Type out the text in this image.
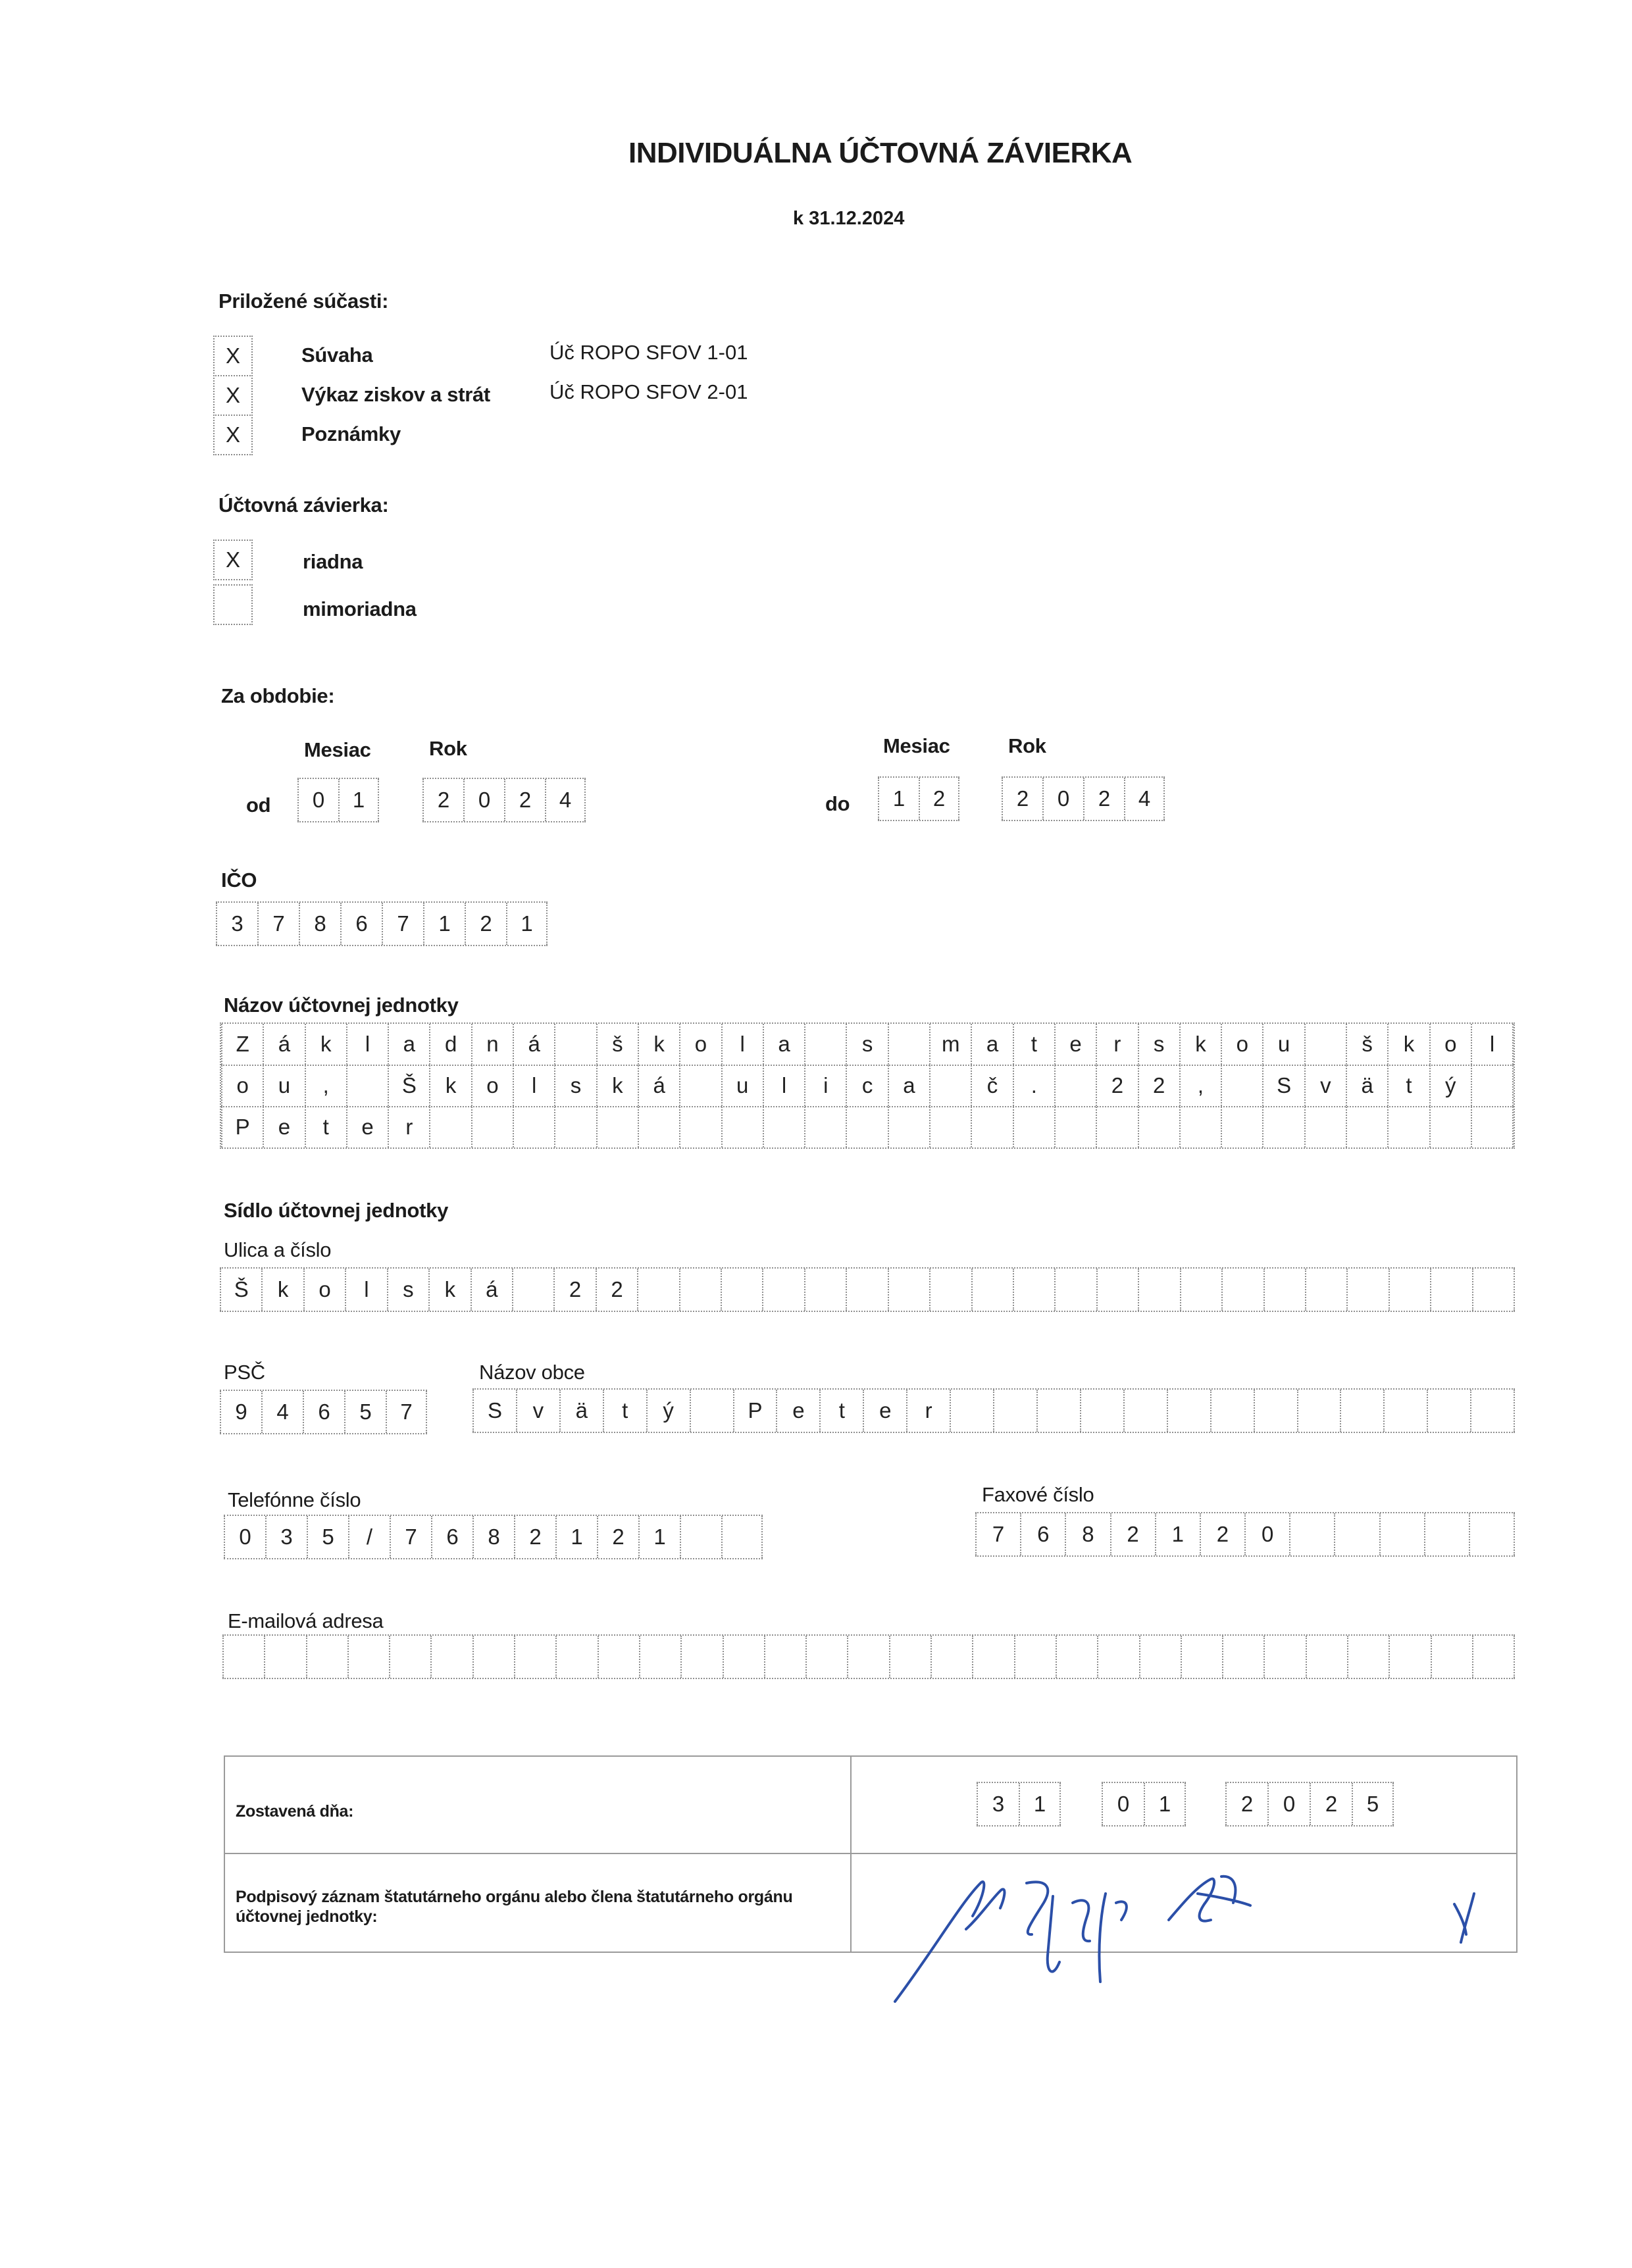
INDIVIDUÁLNA ÚČTOVNÁ ZÁVIERKA
k 31.12.2024
Priložené súčasti:
X	Súvaha	Úč ROPO SFOV 1-01
X	Výkaz ziskov a strát	Úč ROPO SFOV 2-01
X	Poznámky
Účtovná závierka:
X	riadna
mimoriadna
Za obdobie:
Mesiac	Rok	Mesiac	Rok
od	0	1	2	0	2	4	do	1	2	2	0	2	4
IČO
3	7	8	6	7	1	2	1
Názov účtovnej jednotky
Z	á	k	l	a	d	n	á	š	k	o	l	a	s	m	a	t	e	r	s	k	o	u	š	k	o	l
o	u	,	Š	k	o	l	s	k	á	u	l	i	c	a	č	.	2	2	,	S	v	ä	t	ý
P	e	t	e	r
Sídlo účtovnej jednotky
Ulica a číslo
Š	k	o	l	s	k	á	2	2
PSČ
9	4	6	5	7
Názov obce
S	v	ä	t	ý	P	e	t	e	r
Telefónne číslo
0	3	5	/	7	6	8	2	1	2	1
Faxové číslo
7	6	8	2	1	2	0
E-mailová adresa
Zostavená dňa:	3	1	0	1	2	0	2	5
Podpisový záznam štatutárneho orgánu alebo člena štatutárneho orgánu účtovnej jednotky:
